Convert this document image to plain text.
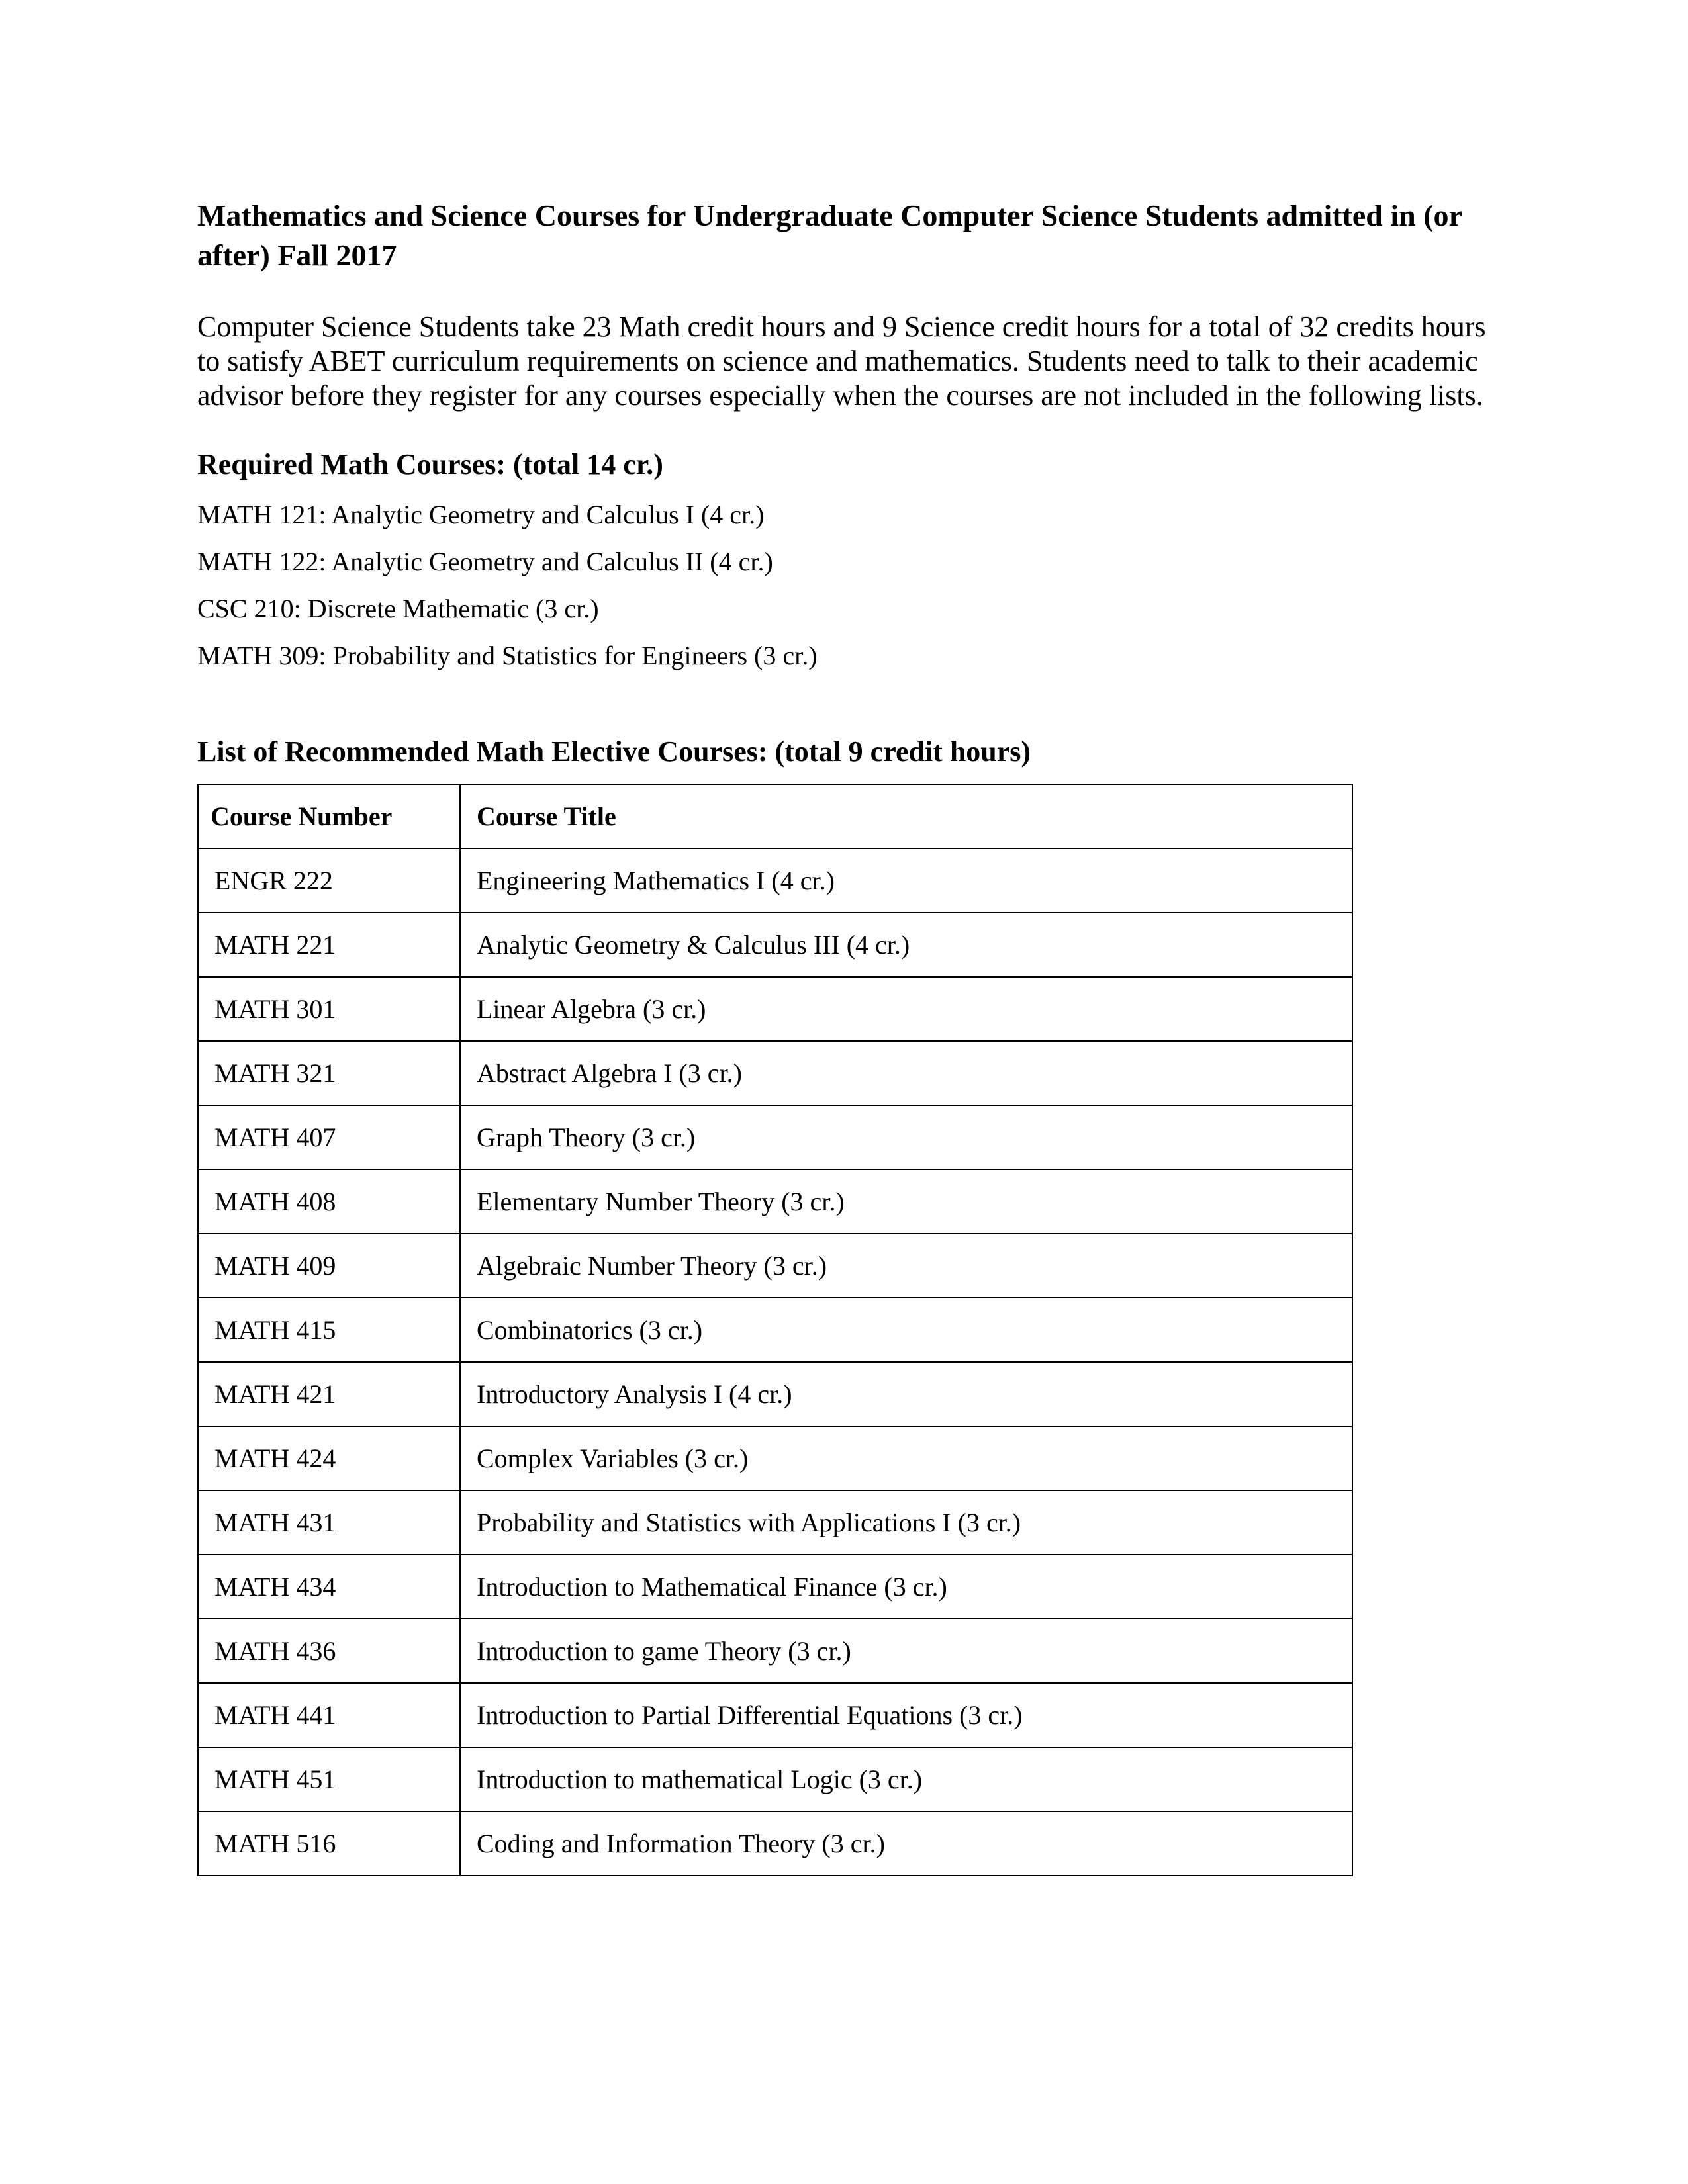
Mathematics and Science Courses for Undergraduate Computer Science Students admitted in (or after) Fall 2017

Computer Science Students take 23 Math credit hours and 9 Science credit hours for a total of 32 credits hours to satisfy ABET curriculum requirements on science and mathematics. Students need to talk to their academic advisor before they register for any courses especially when the courses are not included in the following lists.

Required Math Courses: (total 14 cr.)
MATH 121: Analytic Geometry and Calculus I (4 cr.)
MATH 122: Analytic Geometry and Calculus II (4 cr.)
CSC 210: Discrete Mathematic (3 cr.)
MATH 309: Probability and Statistics for Engineers (3 cr.)
List of Recommended Math Elective Courses: (total 9 credit hours)
Course Number	Course Title
ENGR 222	Engineering Mathematics I (4 cr.)
MATH 221	Analytic Geometry & Calculus III (4 cr.)
MATH 301	Linear Algebra (3 cr.)
MATH 321	Abstract Algebra I (3 cr.)
MATH 407	Graph Theory (3 cr.)
MATH 408	Elementary Number Theory (3 cr.)
MATH 409	Algebraic Number Theory (3 cr.)
MATH 415	Combinatorics (3 cr.)
MATH 421	Introductory Analysis I (4 cr.)
MATH 424	Complex Variables (3 cr.)
MATH 431	Probability and Statistics with Applications I (3 cr.)
MATH 434	Introduction to Mathematical Finance (3 cr.)
MATH 436	Introduction to game Theory (3 cr.)
MATH 441	Introduction to Partial Differential Equations (3 cr.)
MATH 451	Introduction to mathematical Logic (3 cr.)
MATH 516	Coding and Information Theory (3 cr.)
